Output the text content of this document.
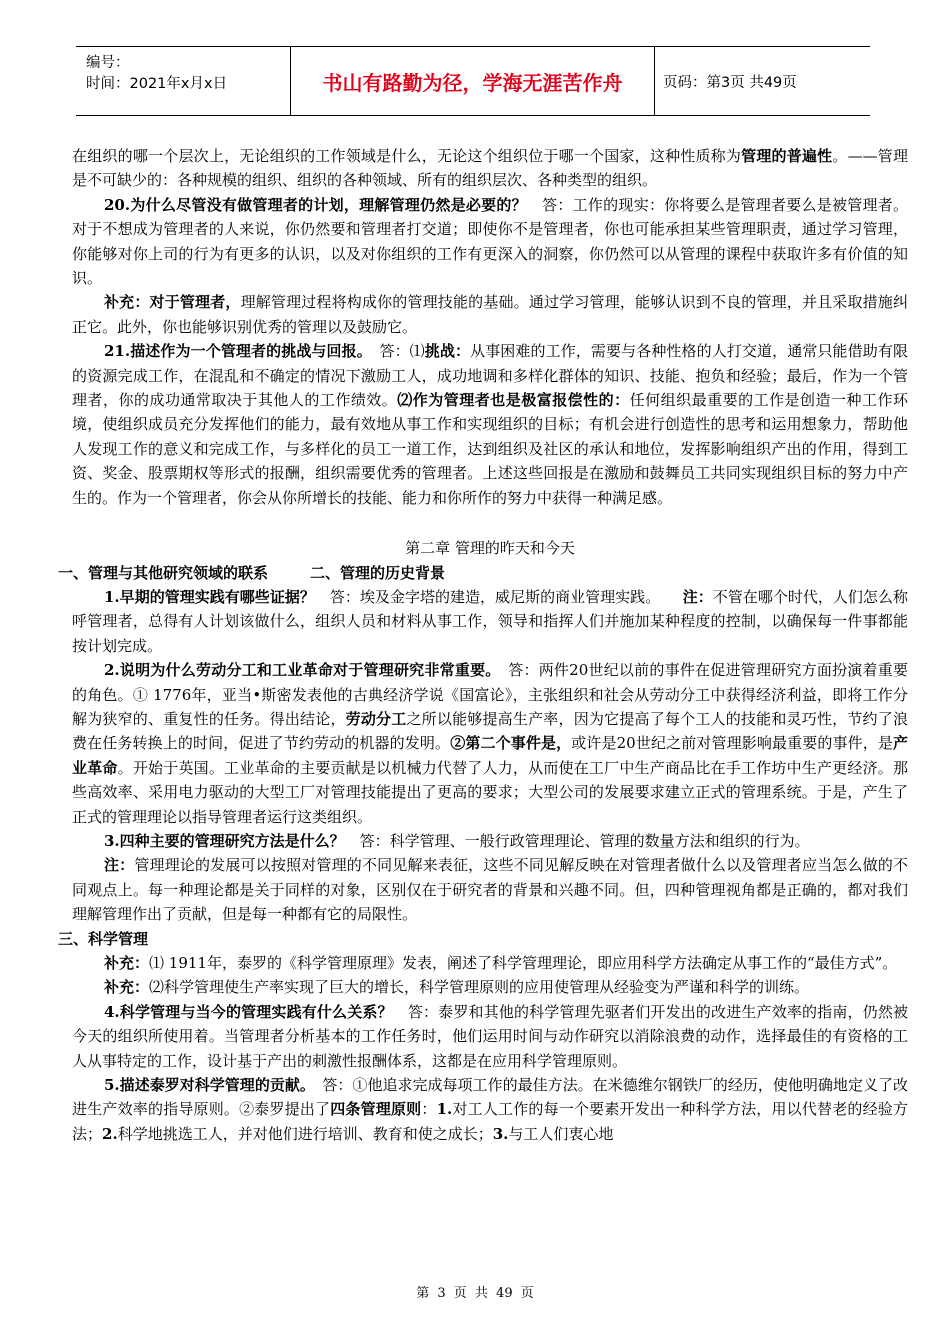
编号：
时间：2021年x月x日	书山有路勤为径，学海无涯苦作舟	页码：第3页 共49页

在组织的哪一个层次上，无论组织的工作领域是什么，无论这个组织位于哪一个国家，这种性质称为管理的普遍性。——管理是不可缺少的：各种规模的组织、组织的各种领域、所有的组织层次、各种类型的组织。

20.为什么尽管没有做管理者的计划，理解管理仍然是必要的？　答：工作的现实：你将要么是管理者要么是被管理者。对于不想成为管理者的人来说，你仍然要和管理者打交道；即使你不是管理者，你也可能承担某些管理职责，通过学习管理，你能够对你上司的行为有更多的认识，以及对你组织的工作有更深入的洞察，你仍然可以从管理的课程中获取许多有价值的知识。

补充：对于管理者，理解管理过程将构成你的管理技能的基础。通过学习管理，能够认识到不良的管理，并且采取措施纠正它。此外，你也能够识别优秀的管理以及鼓励它。

21.描述作为一个管理者的挑战与回报。　答：⑴挑战：从事困难的工作，需要与各种性格的人打交道，通常只能借助有限的资源完成工作，在混乱和不确定的情况下激励工人，成功地调和多样化群体的知识、技能、抱负和经验；最后，作为一个管理者，你的成功通常取决于其他人的工作绩效。⑵作为管理者也是极富报偿性的：任何组织最重要的工作是创造一种工作环境，使组织成员充分发挥他们的能力，最有效地从事工作和实现组织的目标；有机会进行创造性的思考和运用想象力，帮助他人发现工作的意义和完成工作，与多样化的员工一道工作，达到组织及社区的承认和地位，发挥影响组织产出的作用，得到工资、奖金、股票期权等形式的报酬，组织需要优秀的管理者。上述这些回报是在激励和鼓舞员工共同实现组织目标的努力中产生的。作为一个管理者，你会从你所增长的技能、能力和你所作的努力中获得一种满足感。

第二章 管理的昨天和今天

一、管理与其他研究领域的联系	二、管理的历史背景

1.早期的管理实践有哪些证据？　答：埃及金字塔的建造，威尼斯的商业管理实践。　　注：不管在哪个时代，人们怎么称呼管理者，总得有人计划该做什么，组织人员和材料从事工作，领导和指挥人们并施加某种程度的控制，以确保每一件事都能按计划完成。

2.说明为什么劳动分工和工业革命对于管理研究非常重要。　答：两件20世纪以前的事件在促进管理研究方面扮演着重要的角色。① 1776年，亚当•斯密发表他的古典经济学说《国富论》，主张组织和社会从劳动分工中获得经济利益，即将工作分解为狭窄的、重复性的任务。得出结论，劳动分工之所以能够提高生产率，因为它提高了每个工人的技能和灵巧性，节约了浪费在任务转换上的时间，促进了节约劳动的机器的发明。②第二个事件是，或许是20世纪之前对管理影响最重要的事件，是产业革命。开始于英国。工业革命的主要贡献是以机械力代替了人力，从而使在工厂中生产商品比在手工作坊中生产更经济。那些高效率、采用电力驱动的大型工厂对管理技能提出了更高的要求；大型公司的发展要求建立正式的管理系统。于是，产生了正式的管理理论以指导管理者运行这类组织。

3.四种主要的管理研究方法是什么？　答：科学管理、一般行政管理理论、管理的数量方法和组织的行为。

注：管理理论的发展可以按照对管理的不同见解来表征，这些不同见解反映在对管理者做什么以及管理者应当怎么做的不同观点上。每一种理论都是关于同样的对象，区别仅在于研究者的背景和兴趣不同。但，四种管理视角都是正确的，都对我们理解管理作出了贡献，但是每一种都有它的局限性。

三、科学管理

补充：⑴ 1911年，泰罗的《科学管理原理》发表，阐述了科学管理理论，即应用科学方法确定从事工作的“最佳方式”。

补充：⑵科学管理使生产率实现了巨大的增长，科学管理原则的应用使管理从经验变为严谨和科学的训练。

4.科学管理与当今的管理实践有什么关系？　答：泰罗和其他的科学管理先驱者们开发出的改进生产效率的指南，仍然被今天的组织所使用着。当管理者分析基本的工作任务时，他们运用时间与动作研究以消除浪费的动作，选择最佳的有资格的工人从事特定的工作，设计基于产出的刺激性报酬体系，这都是在应用科学管理原则。

5.描述泰罗对科学管理的贡献。　答：①他追求完成每项工作的最佳方法。在米德维尔钢铁厂的经历，使他明确地定义了改进生产效率的指导原则。②泰罗提出了四条管理原则：1.对工人工作的每一个要素开发出一种科学方法，用以代替老的经验方法；2.科学地挑选工人，并对他们进行培训、教育和使之成长；3.与工人们衷心地

第 3 页 共 49 页
